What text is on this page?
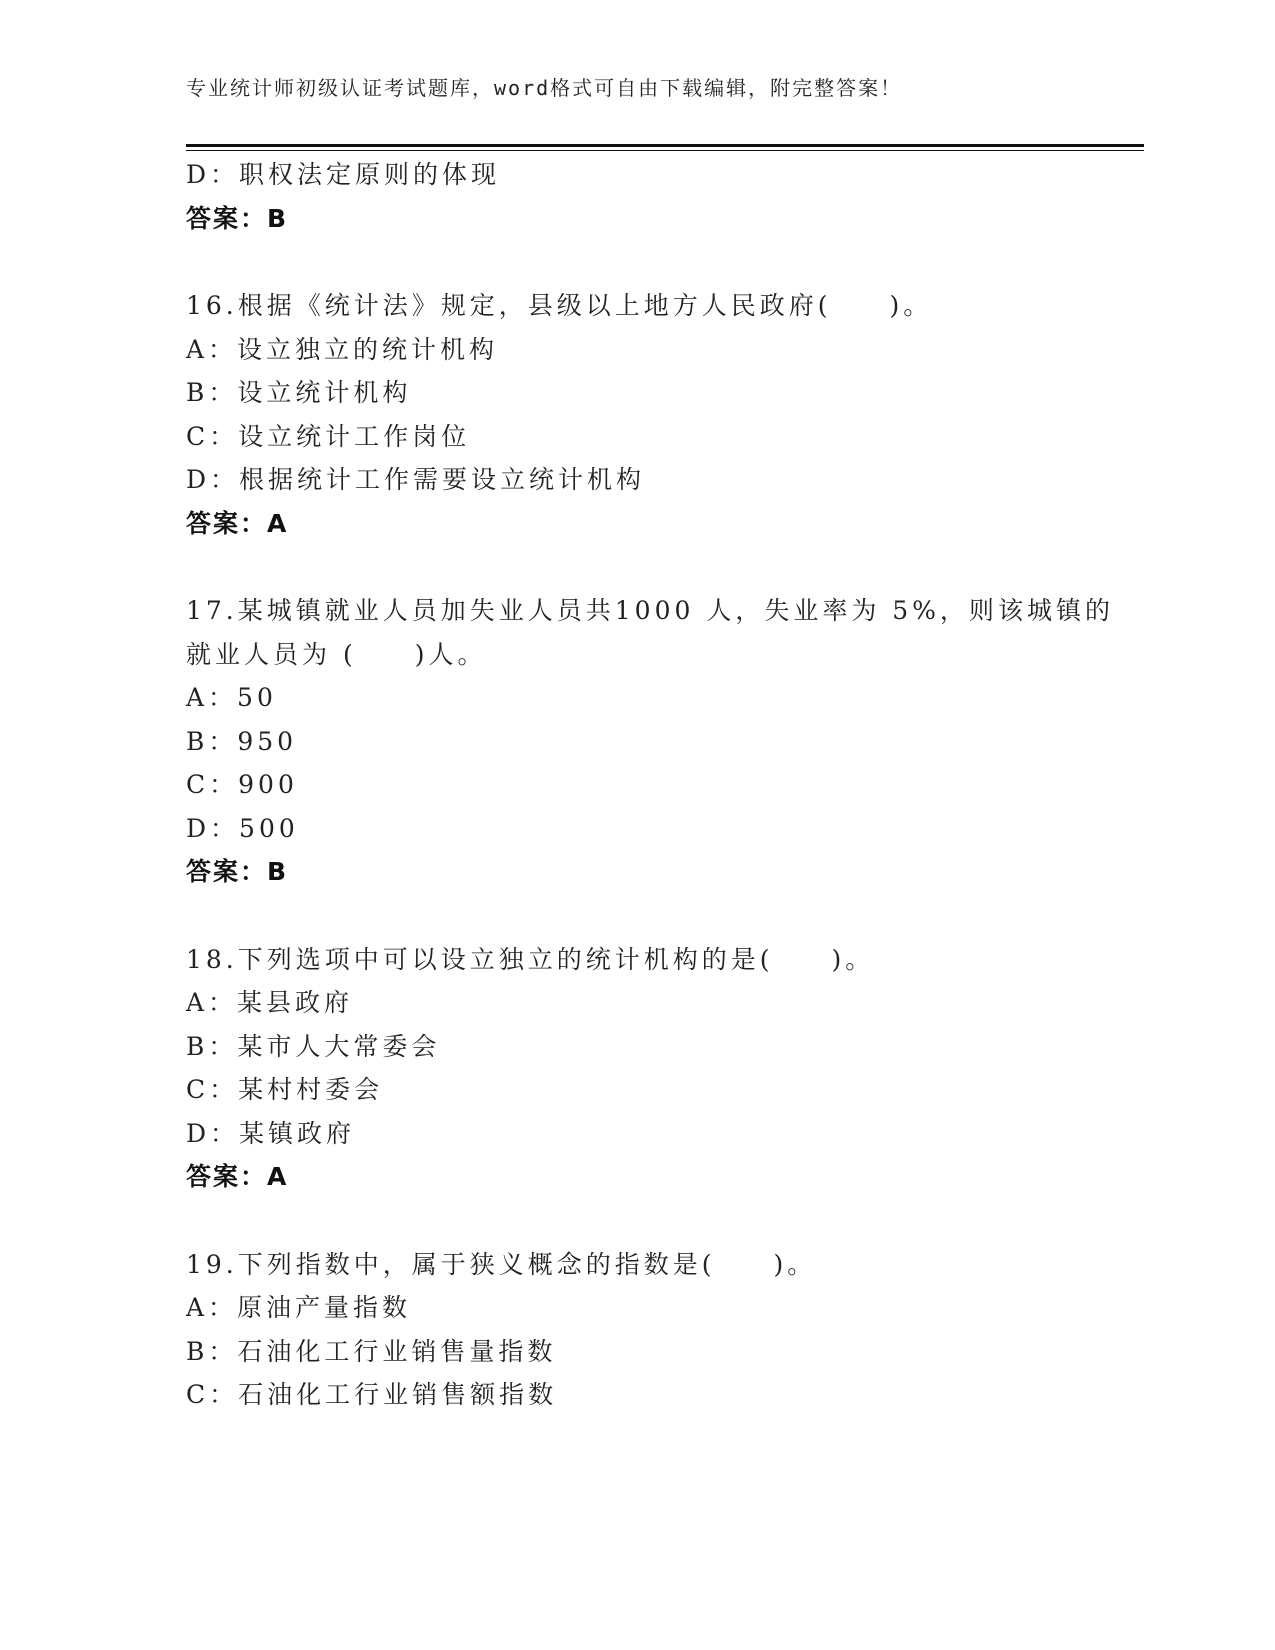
专业统计师初级认证考试题库，word格式可自由下载编辑，附完整答案！
D：职权法定原则的体现
答案：B
16.根据《统计法》规定，县级以上地方人民政府(　　)。
A：设立独立的统计机构
B：设立统计机构
C：设立统计工作岗位
D：根据统计工作需要设立统计机构
答案：A
17.某城镇就业人员加失业人员共1000 人，失业率为 5%，则该城镇的
就业人员为 (　　)人。
A：50
B：950
C：900
D：500
答案：B
18.下列选项中可以设立独立的统计机构的是(　　)。
A：某县政府
B：某市人大常委会
C：某村村委会
D：某镇政府
答案：A
19.下列指数中，属于狭义概念的指数是(　　)。
A：原油产量指数
B：石油化工行业销售量指数
C：石油化工行业销售额指数
